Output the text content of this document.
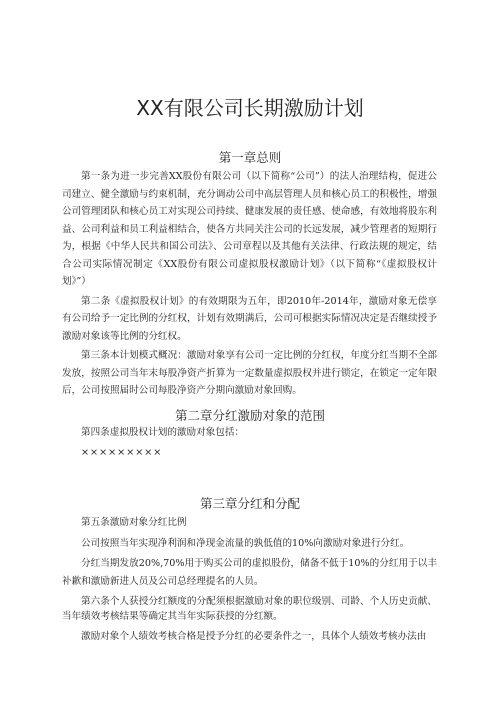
XX有限公司长期激励计划
第一章总则

第一条为进一步完善XX股份有限公司（以下简称“公司”）的法人治理结构，促进公司建立、健全激励与约束机制，充分调动公司中高层管理人员和核心员工的积极性，增强公司管理团队和核心员工对实现公司持续、健康发展的责任感、使命感，有效地将股东利益、公司利益和员工利益相结合，使各方共同关注公司的长远发展，减少管理者的短期行为，根据《中华人民共和国公司法》、公司章程以及其他有关法律、行政法规的规定，结合公司实际情况制定《XX股份有限公司虚拟股权激励计划》（以下简称“《虚拟股权计划》”）

第二条《虚拟股权计划》的有效期限为五年，即2010年-2014年，激励对象无偿享有公司给予一定比例的分红权，计划有效期满后，公司可根据实际情况决定是否继续授予激励对象该等比例的分红权。

第三条本计划模式概况：激励对象享有公司一定比例的分红权，年度分红当期不全部发放，按照公司当年末每股净资产折算为一定数量虚拟股权并进行锁定，在锁定一定年限后，公司按照届时公司每股净资产分期向激励对象回购。

第二章分红激励对象的范围

第四条虚拟股权计划的激励对象包括：

×××××××××

第三章分红和分配

第五条激励对象分红比例

公司按照当年实现净利润和净现金流量的孰低值的10%向激励对象进行分红。

分红当期发放20%,70%用于购买公司的虚拟股份，储备不低于10%的分红用于以丰补歉和激励新进人员及公司总经理提名的人员。

第六条个人获授分红额度的分配须根据激励对象的职位级别、司龄、个人历史贡献、当年绩效考核结果等确定其当年实际获授的分红额。

激励对象个人绩效考核合格是授予分红的必要条件之一，具体个人绩效考核办法由
